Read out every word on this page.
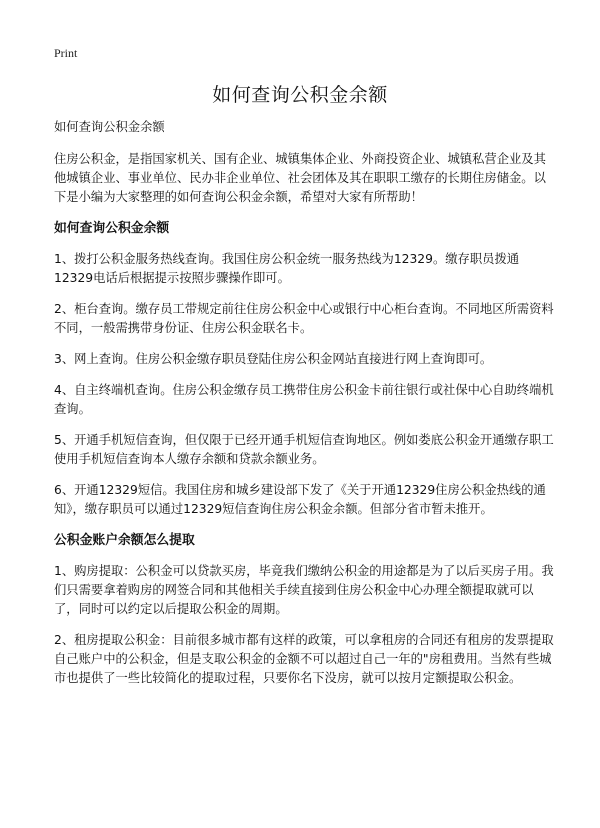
Print
如何查询公积金余额

如何查询公积金余额

住房公积金，是指国家机关、国有企业、城镇集体企业、外商投资企业、城镇私营企业及其他城镇企业、事业单位、民办非企业单位、社会团体及其在职职工缴存的长期住房储金。以下是小编为大家整理的如何查询公积金余额，希望对大家有所帮助！

如何查询公积金余额

1、拨打公积金服务热线查询。我国住房公积金统一服务热线为12329。缴存职员拨通12329电话后根据提示按照步骤操作即可。

2、柜台查询。缴存员工带规定前往住房公积金中心或银行中心柜台查询。不同地区所需资料不同，一般需携带身份证、住房公积金联名卡。

3、网上查询。住房公积金缴存职员登陆住房公积金网站直接进行网上查询即可。

4、自主终端机查询。住房公积金缴存员工携带住房公积金卡前往银行或社保中心自助终端机查询。

5、开通手机短信查询，但仅限于已经开通手机短信查询地区。例如娄底公积金开通缴存职工使用手机短信查询本人缴存余额和贷款余额业务。

6、开通12329短信。我国住房和城乡建设部下发了《关于开通12329住房公积金热线的通知》，缴存职员可以通过12329短信查询住房公积金余额。但部分省市暂未推开。

公积金账户余额怎么提取

1、购房提取：公积金可以贷款买房，毕竟我们缴纳公积金的用途都是为了以后买房子用。我们只需要拿着购房的网签合同和其他相关手续直接到住房公积金中心办理全额提取就可以了，同时可以约定以后提取公积金的周期。

2、租房提取公积金：目前很多城市都有这样的政策，可以拿租房的合同还有租房的发票提取自己账户中的公积金，但是支取公积金的金额不可以超过自己一年的"房租费用。当然有些城市也提供了一些比较简化的提取过程，只要你名下没房，就可以按月定额提取公积金。
